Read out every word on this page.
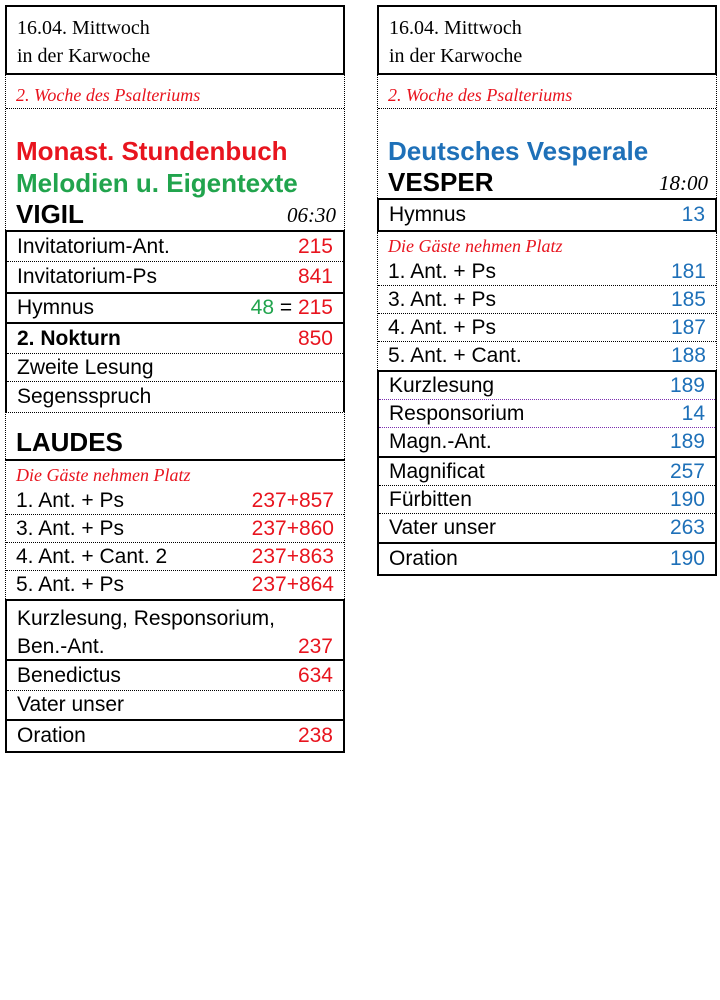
16.04. Mittwoch
in der Karwoche
2. Woche des Psalteriums
Monast. Stundenbuch
Melodien u. Eigentexte
VIGIL	06:30
Invitatorium-Ant.	215
Invitatorium-Ps	841
Hymnus	48 = 215
2. Nokturn	850
Zweite Lesung
Segensspruch
LAUDES
Die Gäste nehmen Platz
1. Ant. + Ps	237+857
3. Ant. + Ps	237+860
4. Ant. + Cant. 2	237+863
5. Ant. + Ps	237+864
Kurzlesung, Responsorium,
Ben.-Ant.	237
Benedictus	634
Vater unser
Oration	238
16.04. Mittwoch
in der Karwoche
2. Woche des Psalteriums
Deutsches Vesperale
VESPER	18:00
Hymnus	13
Die Gäste nehmen Platz
1. Ant. + Ps	181
3. Ant. + Ps	185
4. Ant. + Ps	187
5. Ant. + Cant.	188
Kurzlesung	189
Responsorium	14
Magn.-Ant.	189
Magnificat	257
Fürbitten	190
Vater unser	263
Oration	190
